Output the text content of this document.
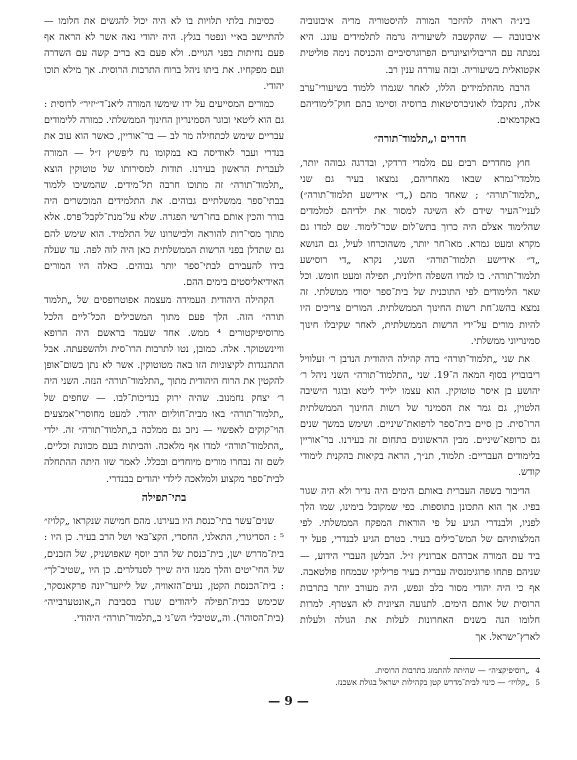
בינ״ה ראויה להיזכר המורה להיסטוריה מריה איבונוביה איבונובה — שהקשבה לשיעוריה גרמה לתלמידים עונג. היא נמנתה עם הריבוליוציונרים הפרוגרסיביים והכניסה נימה פוליטית אקטואלית בשיעוריה. ובזה עוררה ענין רב.

הרבה מהתלמידים הללו, לאחר שגמרו ללמוד בשיעורי־ערב אלה, נתקבלו לאוניברסיטאות ברוסיה וסיימו בהם חוק־לימודיהם באקדמאים.

חדרים ו„תלמוד־תורה״

חוץ מחדרים רבים עם מלמדי דרדקי, ובדרגה גבוהה יותר, מלמדי־גמרא שבאו מאחריהם, נמצאו בעיר גם שני „תלמוד־תורה״ ; שאחד מהם („ד״ אידישע תלמוד־תורה״) לעניי־העיר שידם לא השיגה למסור את ילדיהם למלמדים שהלימוד אצלם היה כרוך בתש־לום שכר־לימוד. שם למדו גם מקרא ומעט גמרא. מאו־חר יותר, משהוכרחו לעיל, גם הנושא „ד״ אידישע תלמוד־תורה״ השני, נקרא „די רוסישע תלמוד־תורה״. בו למדו השפלה חילונית, תפילה ומעט חומש. וכל שאר הלימודים לפי התוכנית של בית־ספר יסודי ממשלתי. זה נמצא בהשג־חת רשות החינוך הממשלתית. המורים צריכים היו להיות מורים על־ידי הרשות הממשלתית, לאחר שקיבלו חינוך סמינריוני ממשלתי.

את שני „תלמוד־תורה״ בדה קהילה היהודית הנדבן ר׳ זעלוויל ריבובויץ בסוף המאה ה־19. שני „התלמוד־תורה״ השני ניהל ר׳ יהושע בן איסר טוטוקין. הוא עצמו ילייד ליטא ובוגר הישיבה הלטוין, גם גמר את הסמינר של רשות החינוך הממשלתית הרו־סית. כן סיים בית־ספר לרפואת־שיניים. ושימש במשך שנים גם כרופא־שיניים. מבין הראשונים בתחום זה בעירנו. בר־אוריין בלימודים העבריים: תלמוד, תנ״ך, הראה בקיאות בהקנית לימודי קודש.

הדיבור בשפה העברית באותם הימים היה נדיר ולא היה שגור בפיו. אך הוא התכונן בתוספות. כפי שמקובל בימינו, שמו הלך לפניו, ולבנדרי הגיע על פי הוראות המפקח הממשלתי. לפי המלצותיהם של המש־כילים בעיר. בטרם הגיע לבנדרי, פעל יד ביד עם המורה אברהם אברוניץ ז״ל. הבלשן העברי הידוע, — שניהם פתחו פרוגימנסיה עברית בעיר פריליקי שבמחוז פולטאבה. אף כי היה יהודי מסור בלב ונפש, היה מעורב יותר בתרבות הרוסית של אותם הימים. לתנועה הציונית לא הצטרף. למרות חלומו הנה בשנים האחרונות לעלות את הגולה ולעלות לארץ־ישראל. אך

4„רוסיפיקציה״ — שהיתה להתמזג בתרבות הרוסית.

5„קלויז״ — כינוי לבית־מדרש קטן בקהילות ישראל בגולת אשכנז.

כסיבות בלתי תלויות בו לא היה יכול להגשים את חלומו — להתיישב בא״י ונפטר בגלץ. היה יהודי נאה אשר לא הראה אף פעם נחיתות בפני הגויים. ולא פעם בא בריב קשה עם השדרה ועם מפקחיו. את ביתו ניהל ברוח התרבות הרוסית. אך מילא תוכו יהודי.

כמורים המסייעים על ידו שימשו המורה ליאנ־ד״יזיר״ לרוסית : גם הוא ליטאי ובוגר הסמינריון החינוך הממשלתי. כמורה ללימודים עבריים שימש לכתחילה מר לב — בר־אוריין, כאשר הוא עוב את בנדרי ועבר לאודיסה בא במקומו נח ליפשיץ ז״ל — המורה לעברית הראשון בעירנו. תודות למסירותו של טוטוקין הוצא „תלמוד־תורה״ זה מתוכו חרבה תל־מידים. שהמשיכו ללמוד בבתי־ספר ממשלתיים גבוהים. את התלמידים המוכשרים היה בורר והכין אותם בחו־דשי הפגרה. שלא על־מנת־לקבל־פרס. אלא מתוך מסי־רות להוראה ולכישרונו של התלמיד. הוא שימש להם גם שתדלן בפני הרשות הממשלתית כאן היה לוה לפה. עד שעלה בידו להעבירם לבתי־ספר יותר גבוהים. כאלה היו המורים האידיאליסטים בימים ההם.

הקהילה היהודית העמידה מעצמה אפוטרופסים של „תלמוד תורה״ הזה. הלך פעם מתוך המשכילים הכל־ליים הלכל מרוסיפיקטורים ⁴ ממש. אחד שעמד בראשם היה הרופא וויינשטוקר. אלה. כמובן, נטו לתרבות הרו־סית ולהשפעתה. אבל התהנגדות לקיצוניות הזו באה מטוטוקין. אשר לא נתן בשום־אופן להקטין את הרוח היהודית מתוך „התלמוד־תורה״ הנזה. השני היה ר׳ יצחק נחמנוב. שהיה ירוק בנדיכות־לבו. — שחפים של „תלמוד־תורה״ באו מבית־חוליום יהודי. למעט מחוסרי־אמצעים הוי־קוקים לאפשוי — ניזב גם ממלכה ב„תלמוד־תורה״ זה. ילדי „התלמוד־תורה״ למדו אף מלאכה. והביתות בעם מכוונת וכליים. לשם זה נבחרו מורים מיוחדים ובכלל. לאמר שזו היתה ההתחלה לבית־ספר מקצוע ולמלאכה לילדי יהודים בבנדרי.

בתי־תפילה

שנים־עשר בתי־כנסת היו בעירנו. מהם חמישה שנקראו „קלויז״ ⁵ : הסדיגורי, התאלני, החסדי, הקצ־בּאי ושל הרב בעיר. כן היו : בית־מדרש ישן, בית־כנסת של הרב יוסף שאפושניק, של הזבנים, של החי־יטים והלך ממנו היה שייך לסנדלרים. כן היו „שטיב־לך״ : בית־הכנסת הקטן, נעים־הזאוויה, של לייזער־יונה פרקאנסקר, שכימש כבית־תפילה ליהודים שגרו בסביבת ה„אונטערבייה״ (בית־הסוהר). וה„שטיבל״ הש־ני ב„תלמוד־תורה״ היהודי.

— 9 —
